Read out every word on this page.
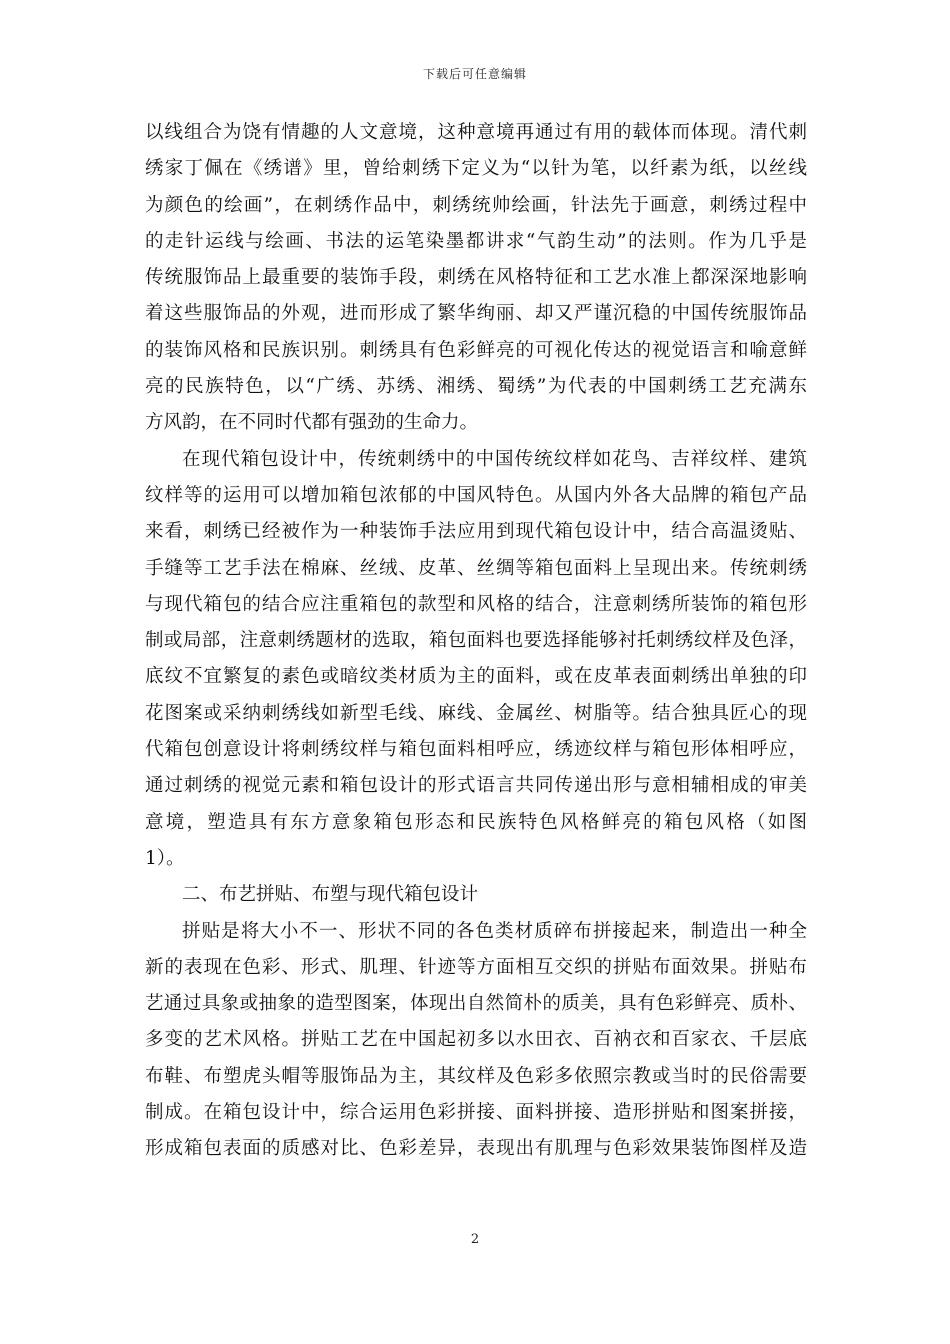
下载后可任意编辑
以线组合为饶有情趣的人文意境，这种意境再通过有用的载体而体现。清代刺
绣家丁佩在《绣谱》里，曾给刺绣下定义为“以针为笔，以纤素为纸，以丝线
为颜色的绘画”，在刺绣作品中，刺绣统帅绘画，针法先于画意，刺绣过程中
的走针运线与绘画、书法的运笔染墨都讲求“气韵生动”的法则。作为几乎是
传统服饰品上最重要的装饰手段，刺绣在风格特征和工艺水准上都深深地影响
着这些服饰品的外观，进而形成了繁华绚丽、却又严谨沉稳的中国传统服饰品
的装饰风格和民族识别。刺绣具有色彩鲜亮的可视化传达的视觉语言和喻意鲜
亮的民族特色，以“广绣、苏绣、湘绣、蜀绣”为代表的中国刺绣工艺充满东
方风韵，在不同时代都有强劲的生命力。
在现代箱包设计中，传统刺绣中的中国传统纹样如花鸟、吉祥纹样、建筑
纹样等的运用可以增加箱包浓郁的中国风特色。从国内外各大品牌的箱包产品
来看，刺绣已经被作为一种装饰手法应用到现代箱包设计中，结合高温烫贴、
手缝等工艺手法在棉麻、丝绒、皮革、丝绸等箱包面料上呈现出来。传统刺绣
与现代箱包的结合应注重箱包的款型和风格的结合，注意刺绣所装饰的箱包形
制或局部，注意刺绣题材的选取，箱包面料也要选择能够衬托刺绣纹样及色泽，
底纹不宜繁复的素色或暗纹类材质为主的面料，或在皮革表面刺绣出单独的印
花图案或采纳刺绣线如新型毛线、麻线、金属丝、树脂等。结合独具匠心的现
代箱包创意设计将刺绣纹样与箱包面料相呼应，绣迹纹样与箱包形体相呼应，
通过刺绣的视觉元素和箱包设计的形式语言共同传递出形与意相辅相成的审美
意境，塑造具有东方意象箱包形态和民族特色风格鲜亮的箱包风格（如图
1）。
二、布艺拼贴、布塑与现代箱包设计
拼贴是将大小不一、形状不同的各色类材质碎布拼接起来，制造出一种全
新的表现在色彩、形式、肌理、针迹等方面相互交织的拼贴布面效果。拼贴布
艺通过具象或抽象的造型图案，体现出自然简朴的质美，具有色彩鲜亮、质朴、
多变的艺术风格。拼贴工艺在中国起初多以水田衣、百衲衣和百家衣、千层底
布鞋、布塑虎头帽等服饰品为主，其纹样及色彩多依照宗教或当时的民俗需要
制成。在箱包设计中，综合运用色彩拼接、面料拼接、造形拼贴和图案拼接，
形成箱包表面的质感对比、色彩差异，表现出有肌理与色彩效果装饰图样及造
2
